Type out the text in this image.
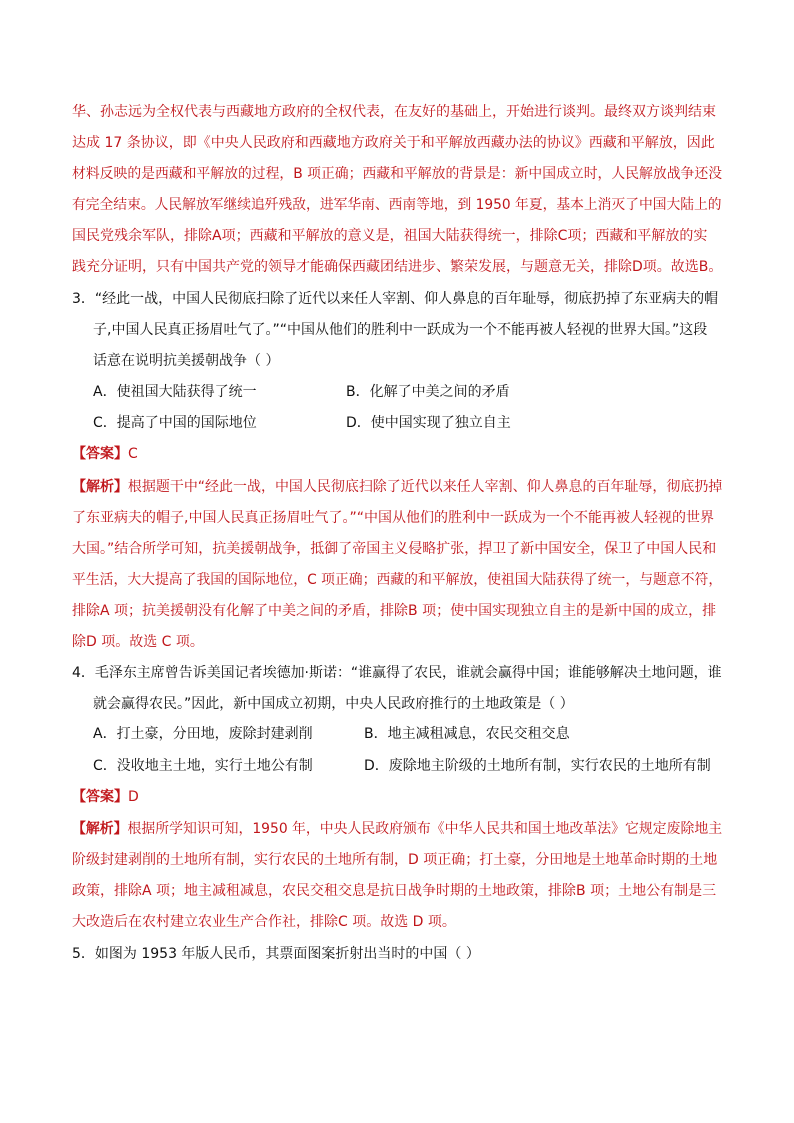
华、孙志远为全权代表与西藏地方政府的全权代表，在友好的基础上，开始进行谈判。最终双方谈判结束
达成 17 条协议，即《中央人民政府和西藏地方政府关于和平解放西藏办法的协议》西藏和平解放，因此
材料反映的是西藏和平解放的过程，B 项正确；西藏和平解放的背景是：新中国成立时，人民解放战争还没
有完全结束。人民解放军继续追歼残敌，进军华南、西南等地，到 1950 年夏，基本上消灭了中国大陆上的
国民党残余军队，排除A项；西藏和平解放的意义是，祖国大陆获得统一，排除C项；西藏和平解放的实
践充分证明，只有中国共产党的领导才能确保西藏团结进步、繁荣发展，与题意无关，排除D项。故选B。
3．“经此一战，中国人民彻底扫除了近代以来任人宰割、仰人鼻息的百年耻辱，彻底扔掉了东亚病夫的帽
子,中国人民真正扬眉吐气了。”“中国从他们的胜利中一跃成为一个不能再被人轻视的世界大国。”这段
话意在说明抗美援朝战争（ ）
A．使祖国大陆获得了统一	B．化解了中美之间的矛盾
C．提高了中国的国际地位	D．使中国实现了独立自主
【答案】C
【解析】根据题干中“经此一战，中国人民彻底扫除了近代以来任人宰割、仰人鼻息的百年耻辱，彻底扔掉
了东亚病夫的帽子,中国人民真正扬眉吐气了。”“中国从他们的胜利中一跃成为一个不能再被人轻视的世界
大国。”结合所学可知，抗美援朝战争，抵御了帝国主义侵略扩张，捍卫了新中国安全，保卫了中国人民和
平生活，大大提高了我国的国际地位，C 项正确；西藏的和平解放，使祖国大陆获得了统一，与题意不符，
排除A 项；抗美援朝没有化解了中美之间的矛盾，排除B 项；使中国实现独立自主的是新中国的成立，排
除D 项。故选 C 项。
4．毛泽东主席曾告诉美国记者埃德加·斯诺：“谁赢得了农民，谁就会赢得中国；谁能够解决土地问题，谁
就会赢得农民。”因此，新中国成立初期，中央人民政府推行的土地政策是（ ）
A．打土豪，分田地，废除封建剥削	B．地主减租减息，农民交租交息
C．没收地主土地，实行土地公有制	D．废除地主阶级的土地所有制，实行农民的土地所有制
【答案】D
【解析】根据所学知识可知，1950 年，中央人民政府颁布《中华人民共和国土地改革法》它规定废除地主
阶级封建剥削的土地所有制，实行农民的土地所有制，D 项正确；打土豪，分田地是土地革命时期的土地
政策，排除A 项；地主减租减息，农民交租交息是抗日战争时期的土地政策，排除B 项；土地公有制是三
大改造后在农村建立农业生产合作社，排除C 项。故选 D 项。
5．如图为 1953 年版人民币，其票面图案折射出当时的中国（ ）
